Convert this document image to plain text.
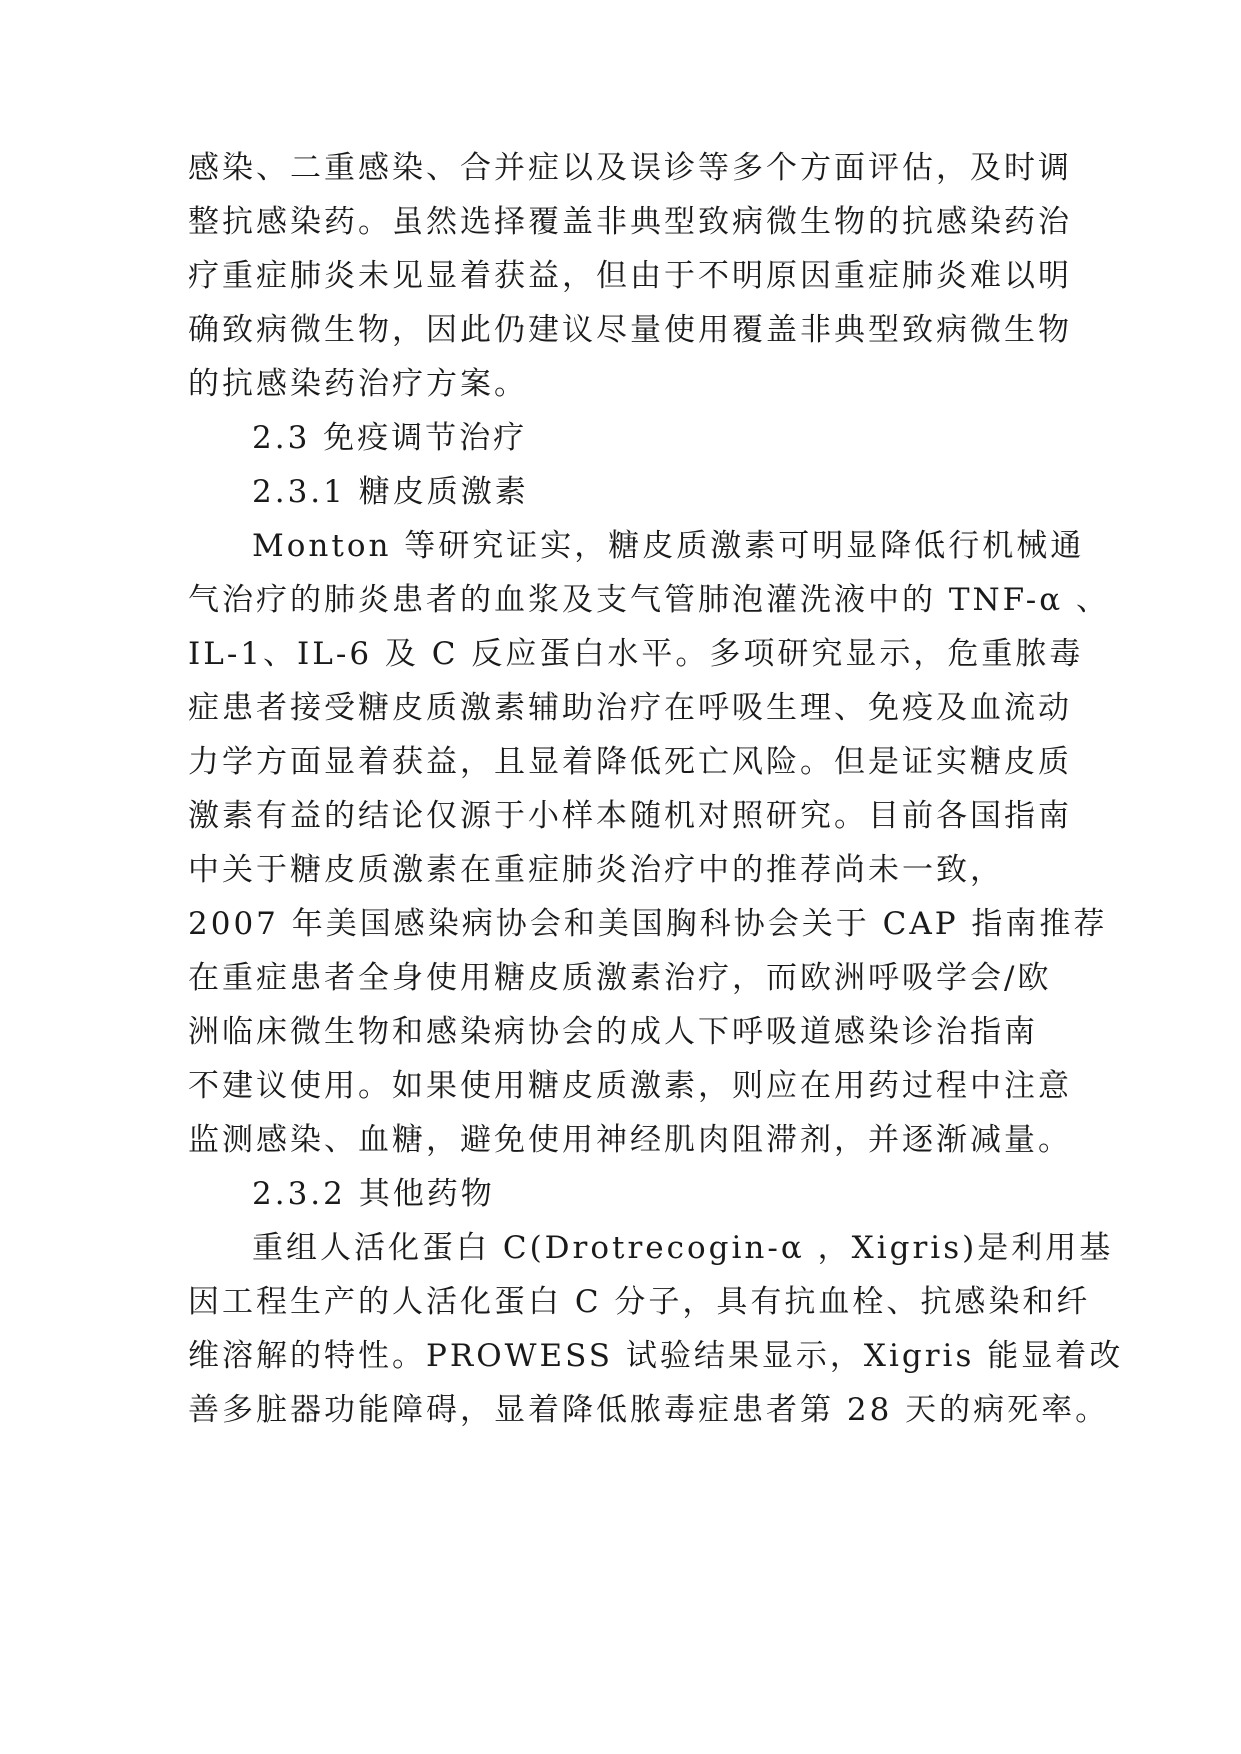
感染、二重感染、合并症以及误诊等多个方面评估，及时调
整抗感染药。虽然选择覆盖非典型致病微生物的抗感染药治
疗重症肺炎未见显着获益，但由于不明原因重症肺炎难以明
确致病微生物，因此仍建议尽量使用覆盖非典型致病微生物
的抗感染药治疗方案。
2.3 免疫调节治疗
2.3.1 糖皮质激素
Monton 等研究证实，糖皮质激素可明显降低行机械通
气治疗的肺炎患者的血浆及支气管肺泡灌洗液中的 TNF-α 、
IL-1、IL-6 及 C 反应蛋白水平。多项研究显示，危重脓毒
症患者接受糖皮质激素辅助治疗在呼吸生理、免疫及血流动
力学方面显着获益，且显着降低死亡风险。但是证实糖皮质
激素有益的结论仅源于小样本随机对照研究。目前各国指南
中关于糖皮质激素在重症肺炎治疗中的推荐尚未一致，
2007 年美国感染病协会和美国胸科协会关于 CAP 指南推荐
在重症患者全身使用糖皮质激素治疗，而欧洲呼吸学会/欧
洲临床微生物和感染病协会的成人下呼吸道感染诊治指南
不建议使用。如果使用糖皮质激素，则应在用药过程中注意
监测感染、血糖，避免使用神经肌肉阻滞剂，并逐渐减量。
2.3.2 其他药物
重组人活化蛋白 C(Drotrecogin-α ，Xigris)是利用基
因工程生产的人活化蛋白 C 分子，具有抗血栓、抗感染和纤
维溶解的特性。PROWESS 试验结果显示，Xigris 能显着改
善多脏器功能障碍，显着降低脓毒症患者第 28 天的病死率。
